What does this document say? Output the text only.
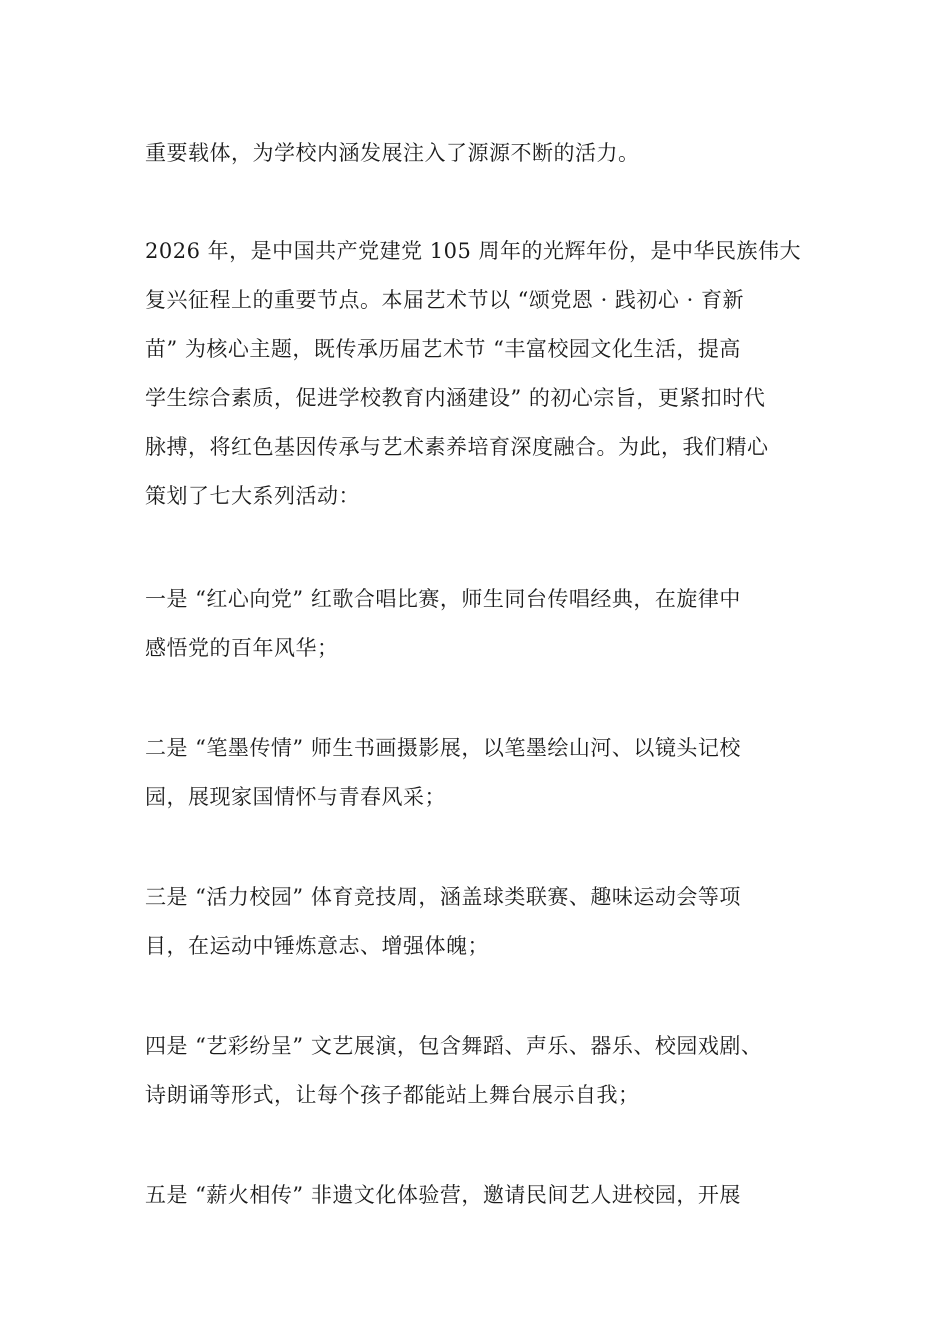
重要载体，为学校内涵发展注入了源源不断的活力。
2026 年，是中国共产党建党 105 周年的光辉年份，是中华民族伟大
复兴征程上的重要节点。本届艺术节以 “颂党恩 · 践初心 · 育新
苗” 为核心主题，既传承历届艺术节 “丰富校园文化生活，提高
学生综合素质，促进学校教育内涵建设” 的初心宗旨，更紧扣时代
脉搏，将红色基因传承与艺术素养培育深度融合。为此，我们精心
策划了七大系列活动：
一是 “红心向党” 红歌合唱比赛，师生同台传唱经典，在旋律中
感悟党的百年风华；
二是 “笔墨传情” 师生书画摄影展，以笔墨绘山河、以镜头记校
园，展现家国情怀与青春风采；
三是 “活力校园” 体育竞技周，涵盖球类联赛、趣味运动会等项
目，在运动中锤炼意志、增强体魄；
四是 “艺彩纷呈” 文艺展演，包含舞蹈、声乐、器乐、校园戏剧、
诗朗诵等形式，让每个孩子都能站上舞台展示自我；
五是 “薪火相传” 非遗文化体验营，邀请民间艺人进校园，开展
